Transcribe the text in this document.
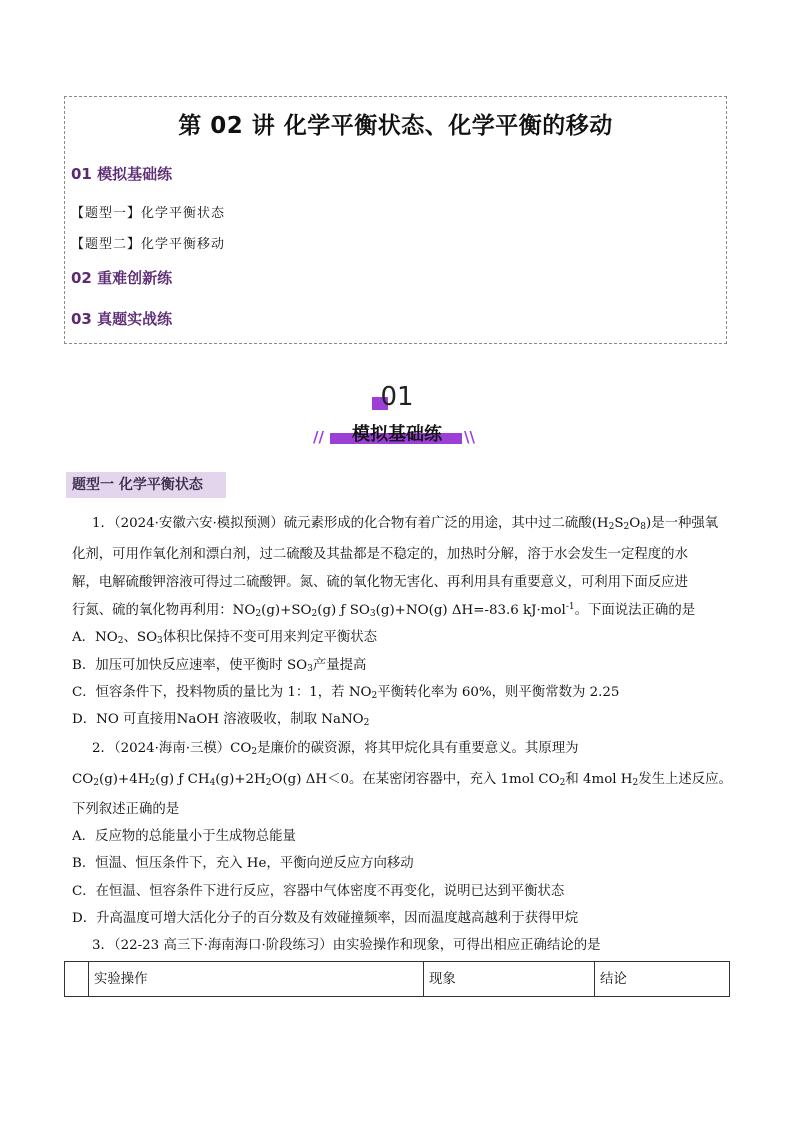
第 02 讲 化学平衡状态、化学平衡的移动
01 模拟基础练
【题型一】化学平衡状态
【题型二】化学平衡移动
02 重难创新练
03 真题实战练
01
//	\\
模拟基础练
题型一 化学平衡状态
1．（2024·安徽六安·模拟预测）硫元素形成的化合物有着广泛的用途，其中过二硫酸$(H_2S_2O_8)$是一种强氧
化剂，可用作氧化剂和漂白剂，过二硫酸及其盐都是不稳定的，加热时分解，溶于水会发生一定程度的水
解，电解硫酸钾溶液可得过二硫酸钾。氮、硫的氧化物无害化、再利用具有重要意义，可利用下面反应进
行氮、硫的氧化物再利用：$NO_2(g)+SO_2(g)$ ƒ $SO_3(g)+NO(g)$ ΔH=-83.6 kJ·mol$^{-1}$。下面说法正确的是
A．$NO_2$、$SO_3$体积比保持不变可用来判定平衡状态
B．加压可加快反应速率，使平衡时 $SO_3$产量提高
C．恒容条件下，投料物质的量比为 1：1，若 $NO_2$平衡转化率为 60%，则平衡常数为 2.25
D．NO 可直接用NaOH 溶液吸收，制取 NaNO$_2$
2．（2024·海南·三模）$CO_2$是廉价的碳资源，将其甲烷化具有重要意义。其原理为
$CO_2(g)+4H_2(g)$ ƒ $CH_4(g)+2H_2O(g)$ ΔH＜0。在某密闭容器中，充入 1mol $CO_2$和 4mol $H_2$发生上述反应。
下列叙述正确的是
A．反应物的总能量小于生成物总能量
B．恒温、恒压条件下，充入 He，平衡向逆反应方向移动
C．在恒温、恒容条件下进行反应，容器中气体密度不再变化，说明已达到平衡状态
D．升高温度可增大活化分子的百分数及有效碰撞频率，因而温度越高越利于获得甲烷
3．（22-23 高三下·海南海口·阶段练习）由实验操作和现象，可得出相应正确结论的是
	实验操作	现象	结论
